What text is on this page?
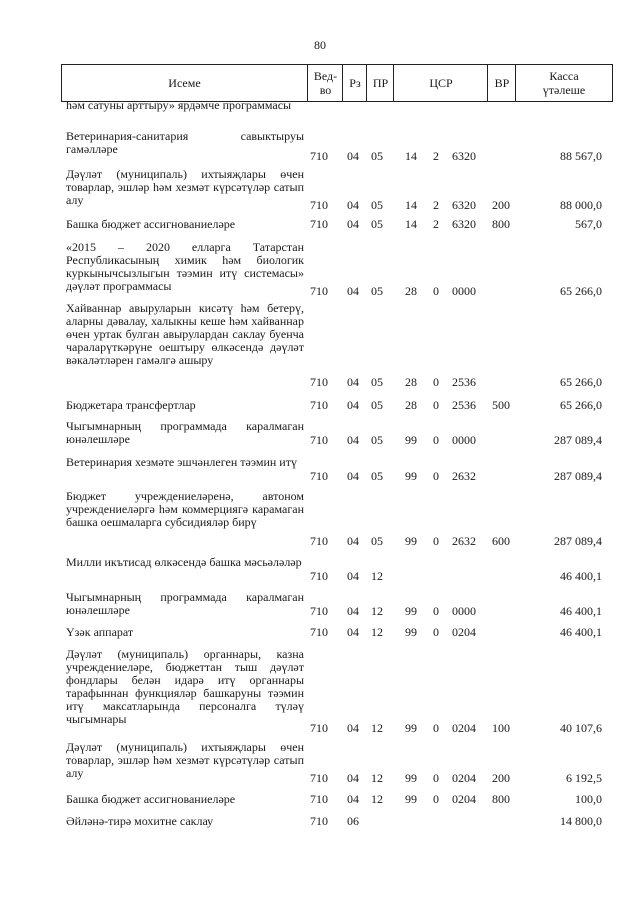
80
Исеме	Вед-
во	Рз	ПР	ЦСР	ВР	Касса
үтәлеше
һәм сатуны арттыру» ярдәмче программасы
Ветеринария-санитария савыктыруы гамәлләре	710 04 05 14 2 6320	88 567,0
Дәүләт (муниципаль) ихтыяҗлары өчен товарлар, эшләр һәм хезмәт күрсәтүләр сатып алу	710 04 05 14 2 6320 200	88 000,0
Башка бюджет ассигнованиеләре	710 04 05 14 2 6320 800	567,0
«2015 – 2020 елларга Татарстан Республикасының химик һәм биологик куркынычсызлыгын тәэмин итү системасы» дәүләт программасы	710 04 05 28 0 0000	65 266,0
Хайваннар авыруларын кисәтү һәм бетерү, аларны дәвалау, халыкны кеше һәм хайваннар өчен уртак булган авырулардан саклау буенча чараларүткәрүне оештыру өлкәсендә дәүләт вәкаләтләрен гамәлгә ашыру
710 04 05 28 0 2536	65 266,0
Бюджетара трансфертлар	710 04 05 28 0 2536 500	65 266,0
Чыгымнарның программада каралмаган юнәлешләре	710 04 05 99 0 0000	287 089,4
Ветеринария хезмәте эшчәнлеген тәэмин итү
710 04 05 99 0 2632	287 089,4
Бюджет учреждениеләренә, автоном учреждениеләргә һәм коммерциягә карамаган башка оешмаларга субсидияләр бирү
710 04 05 99 0 2632 600	287 089,4
Милли икътисад өлкәсендә башка мәсьәләләр
710 04 12	46 400,1
Чыгымнарның программада каралмаган юнәлешләре	710 04 12 99 0 0000	46 400,1
Үзәк аппарат	710 04 12 99 0 0204	46 400,1
Дәүләт (муниципаль) органнары, казна учреждениеләре, бюджеттан тыш дәүләт фондлары белән идарә итү органнары тарафыннан функцияләр башкаруны тәэмин итү максатларында персоналга түләү чыгымнары
710 04 12 99 0 0204 100	40 107,6
Дәүләт (муниципаль) ихтыяҗлары өчен товарлар, эшләр һәм хезмәт күрсәтүләр сатып алу	710 04 12 99 0 0204 200	6 192,5
Башка бюджет ассигнованиеләре	710 04 12 99 0 0204 800	100,0
Әйләнә-тирә мохитне саклау	710 06	14 800,0
